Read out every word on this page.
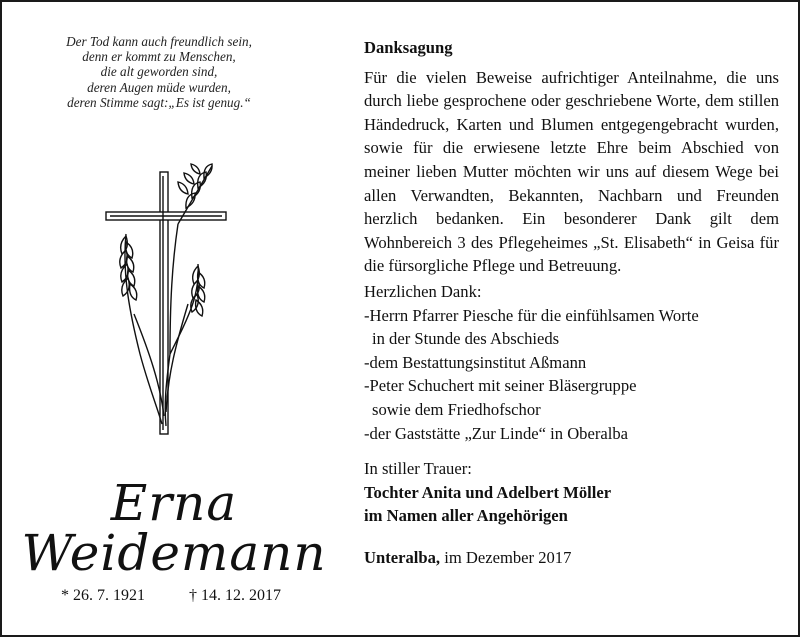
Der Tod kann auch freundlich sein,
denn er kommt zu Menschen,
die alt geworden sind,
deren Augen müde wurden,
deren Stimme sagt:„Es ist genug.“
Erna
Weidemann
* 26. 7. 1921	† 14. 12. 2017
Danksagung
Für die vielen Beweise aufrichtiger Anteilnahme, die uns durch liebe gesprochene oder geschriebene Worte, dem stillen Händedruck, Karten und Blumen entgegengebracht wurden, sowie für die erwiesene letzte Ehre beim Abschied von meiner lieben Mutter möchten wir uns auf diesem Wege bei allen Verwandten, Bekannten, Nachbarn und Freunden herzlich bedanken. Ein besonderer Dank gilt dem Wohnbereich 3 des Pflegeheimes „St. Elisabeth“ in Geisa für die fürsorgliche Pflege und Betreuung.
Herzlichen Dank:
-Herrn Pfarrer Piesche für die einfühlsamen Worte
in der Stunde des Abschieds
-dem Bestattungsinstitut Aßmann
-Peter Schuchert mit seiner Bläsergruppe
sowie dem Friedhofschor
-der Gaststätte „Zur Linde“ in Oberalba
In stiller Trauer:
Tochter Anita und Adelbert Möller
im Namen aller Angehörigen
Unteralba, im Dezember 2017
